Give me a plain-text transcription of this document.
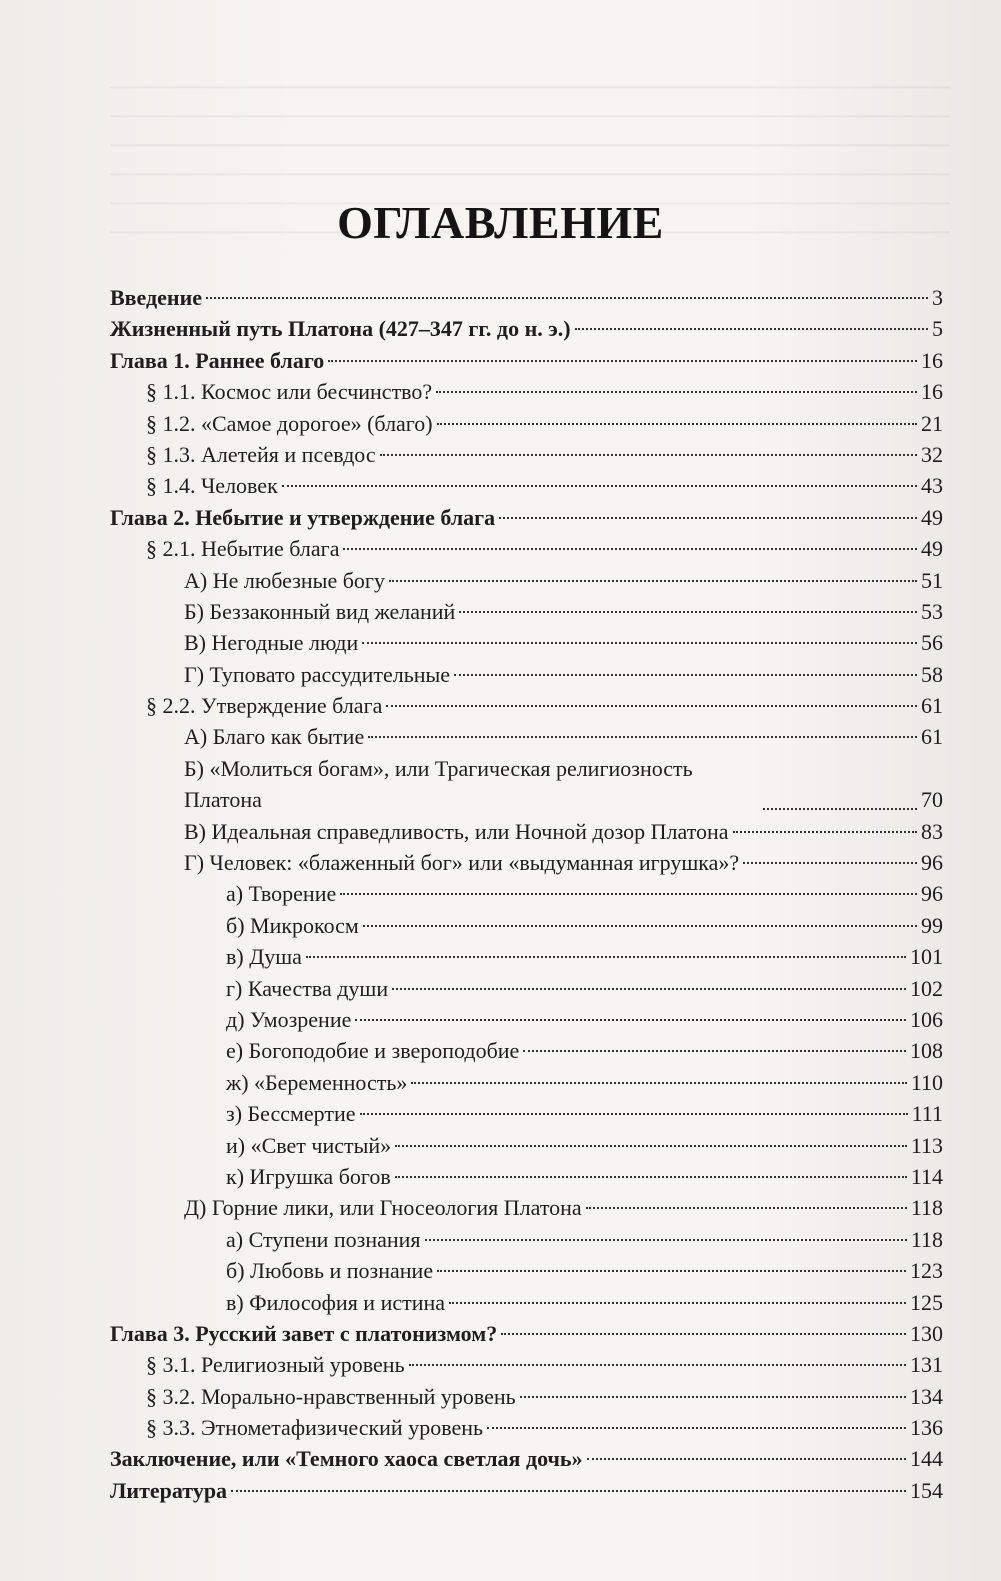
ОГЛАВЛЕНИЕ
Введение	3
Жизненный путь Платона (427–347 гг. до н. э.)	5
Глава 1. Раннее благо	16
§ 1.1. Космос или бесчинство?	16
§ 1.2. «Самое дорогое» (благо)	21
§ 1.3. Алетейя и псевдос	32
§ 1.4. Человек	43
Глава 2. Небытие и утверждение блага	49
§ 2.1. Небытие блага	49
А) Не любезные богу	51
Б) Беззаконный вид желаний	53
В) Негодные люди	56
Г) Туповато рассудительные	58
§ 2.2. Утверждение блага	61
А) Благо как бытие	61
Б) «Молиться богам», или Трагическая религиозность Платона	70
В) Идеальная справедливость, или Ночной дозор Платона	83
Г) Человек: «блаженный бог» или «выдуманная игрушка»?	96
а) Творение	96
б) Микрокосм	99
в) Душа	101
г) Качества души	102
д) Умозрение	106
е) Богоподобие и звероподобие	108
ж) «Беременность»	110
з) Бессмертие	111
и) «Свет чистый»	113
к) Игрушка богов	114
Д) Горние лики, или Гносеология Платона	118
а) Ступени познания	118
б) Любовь и познание	123
в) Философия и истина	125
Глава 3. Русский завет с платонизмом?	130
§ 3.1. Религиозный уровень	131
§ 3.2. Морально-нравственный уровень	134
§ 3.3. Этнометафизический уровень	136
Заключение, или «Темного хаоса светлая дочь»	144
Литература	154
